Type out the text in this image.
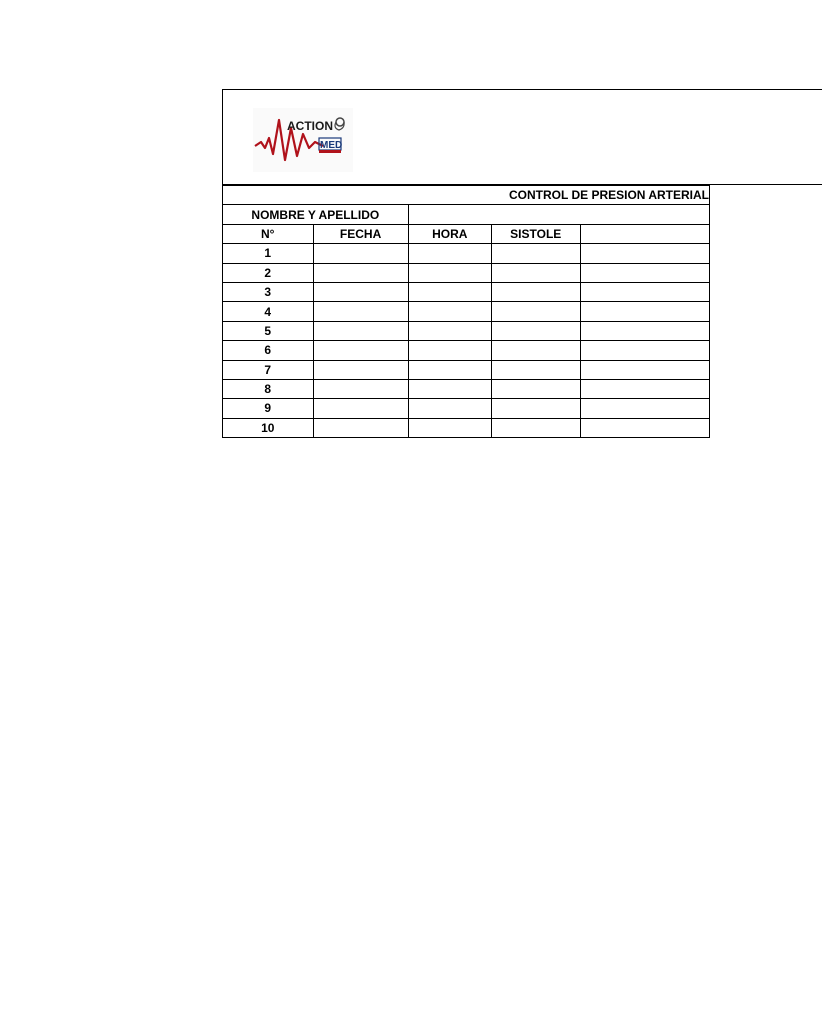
ACTION
MED
CONTROL DE PRESION ARTERIAL				
NOMBRE Y APELLIDO				
N°	FECHA	HORA	SISTOLE	
1				
2				
3				
4				
5				
6				
7				
8				
9				
10				
